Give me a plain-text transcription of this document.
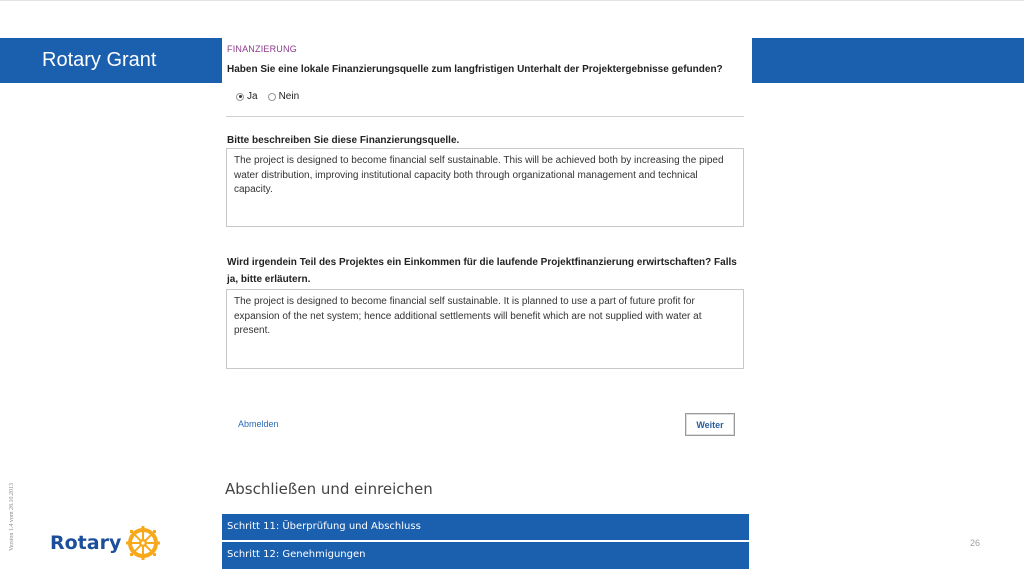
Rotary Grant Center
Version 1.4 vom 28.10.2013
FINANZIERUNG
Haben Sie eine lokale Finanzierungsquelle zum langfristigen Unterhalt der Projektergebnisse gefunden?
Ja Nein
Bitte beschreiben Sie diese Finanzierungsquelle.
The project is designed to become financial self sustainable. This will be achieved both by increasing the piped water distribution, improving institutional capacity both through organizational management and technical capacity.
Wird irgendein Teil des Projektes ein Einkommen für die laufende Projektfinanzierung erwirtschaften? Falls ja, bitte erläutern.
The project is designed to become financial self sustainable. It is planned to use a part of future profit for expansion of the net system; hence additional settlements will benefit which are not supplied with water at present.
Abmelden	Weiter
Abschließen und einreichen
Schritt 11: Überprüfung und Abschluss
Schritt 12: Genehmigungen
Rotary	26
